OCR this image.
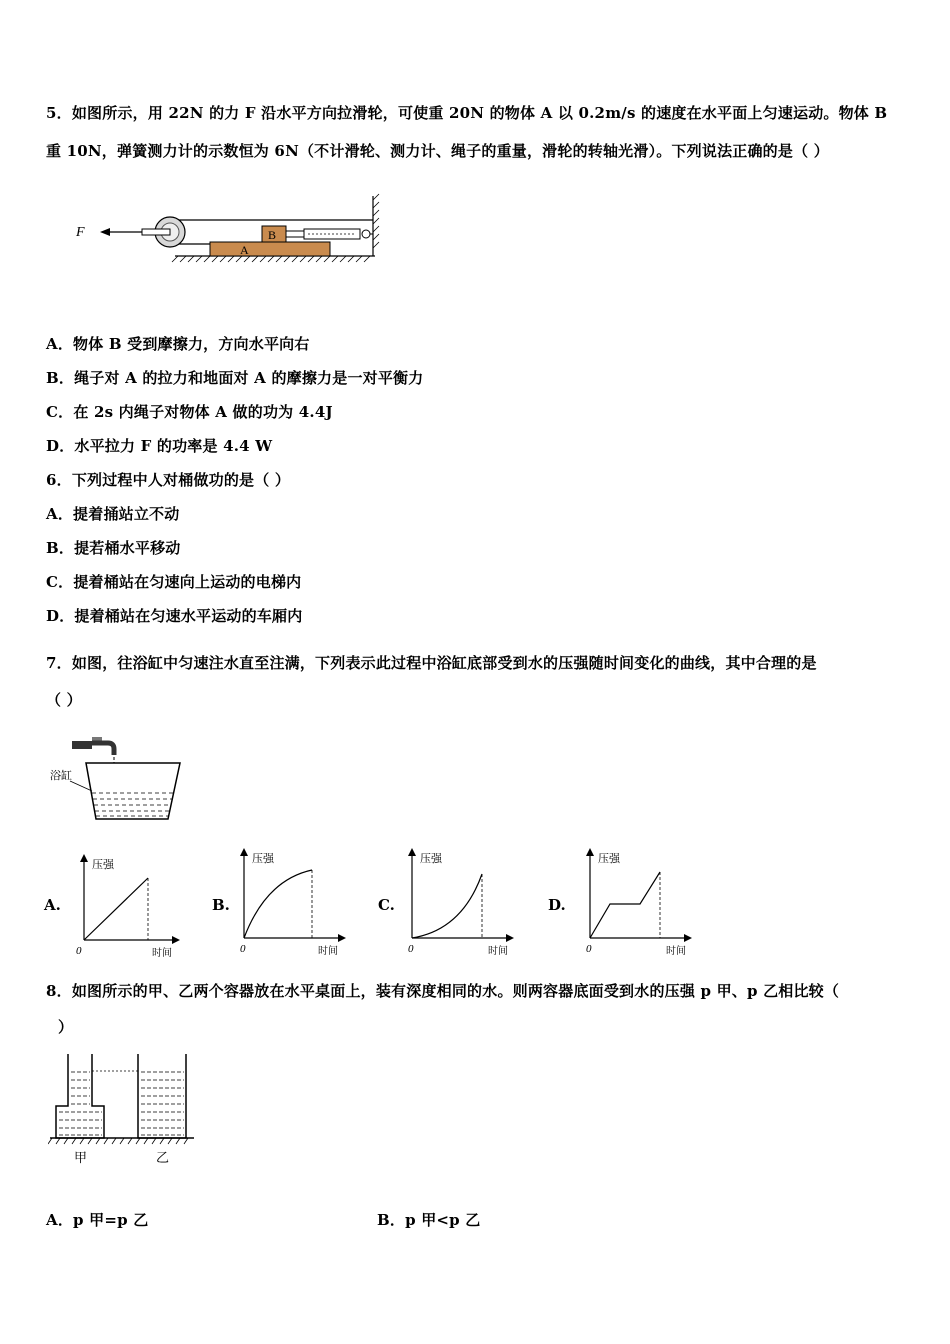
5．如图所示，用 22N 的力 F 沿水平方向拉滑轮，可使重 20N 的物体 A 以 0.2m/s 的速度在水平面上匀速运动。物体 B
重 10N，弹簧测力计的示数恒为 6N（不计滑轮、测力计、绳子的重量，滑轮的转轴光滑）。下列说法正确的是（ ）
A
B
F
A．物体 B 受到摩擦力，方向水平向右
B．绳子对 A 的拉力和地面对 A 的摩擦力是一对平衡力
C．在 2s 内绳子对物体 A 做的功为 4.4J
D．水平拉力 F 的功率是 4.4 W
6．下列过程中人对桶做功的是（ ）
A．提着捅站立不动
B．提若桶水平移动
C．提着桶站在匀速向上运动的电梯内
D．提着桶站在匀速水平运动的车厢内
7．如图，往浴缸中匀速注水直至注满，下列表示此过程中浴缸底部受到水的压强随时间变化的曲线，其中合理的是
（ ）
浴缸
A.
压强
时间
0
B.
压强
时间
0
C.
压强
时间
0
D.
压强
时间
0
8．如图所示的甲、乙两个容器放在水平桌面上，装有深度相同的水。则两容器底面受到水的压强 p 甲、p 乙相比较（
）
甲	乙
A．p 甲=p 乙	B．p 甲<p 乙
